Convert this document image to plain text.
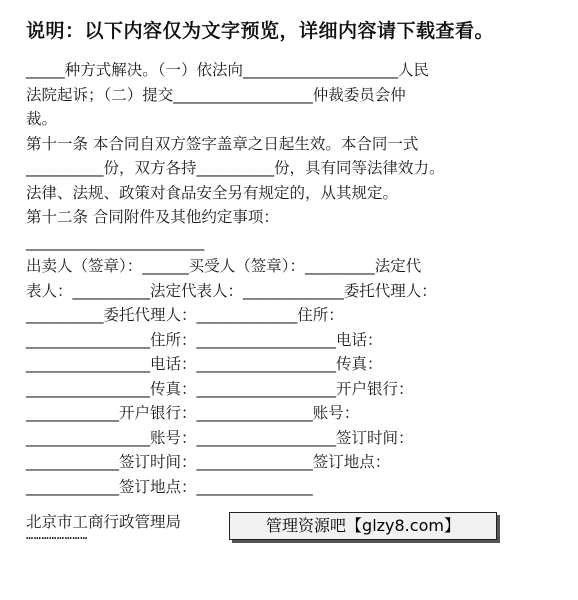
说明：以下内容仅为文字预览，详细内容请下载查看。
_____种方式解决。（一）依法向____________________人民
法院起诉；（二）提交__________________仲裁委员会仲
裁。
第十一条 本合同自双方签字盖章之日起生效。本合同一式
__________份，双方各持__________份，具有同等法律效力。
法律、法规、政策对食品安全另有规定的，从其规定。
第十二条 合同附件及其他约定事项：
_______________________
出卖人（签章）：______买受人（签章）：_________法定代
表人：__________法定代表人：_____________委托代理人：
__________委托代理人：_____________住所：
________________住所：__________________电话：
________________电话：__________________传真：
________________传真：__________________开户银行：
____________开户银行：_______________账号：
________________账号：__________________签订时间：
____________签订时间：_______________签订地点：
____________签订地点：_______________
北京市工商行政管理局
……………………	管理资源吧【glzy8.com】
